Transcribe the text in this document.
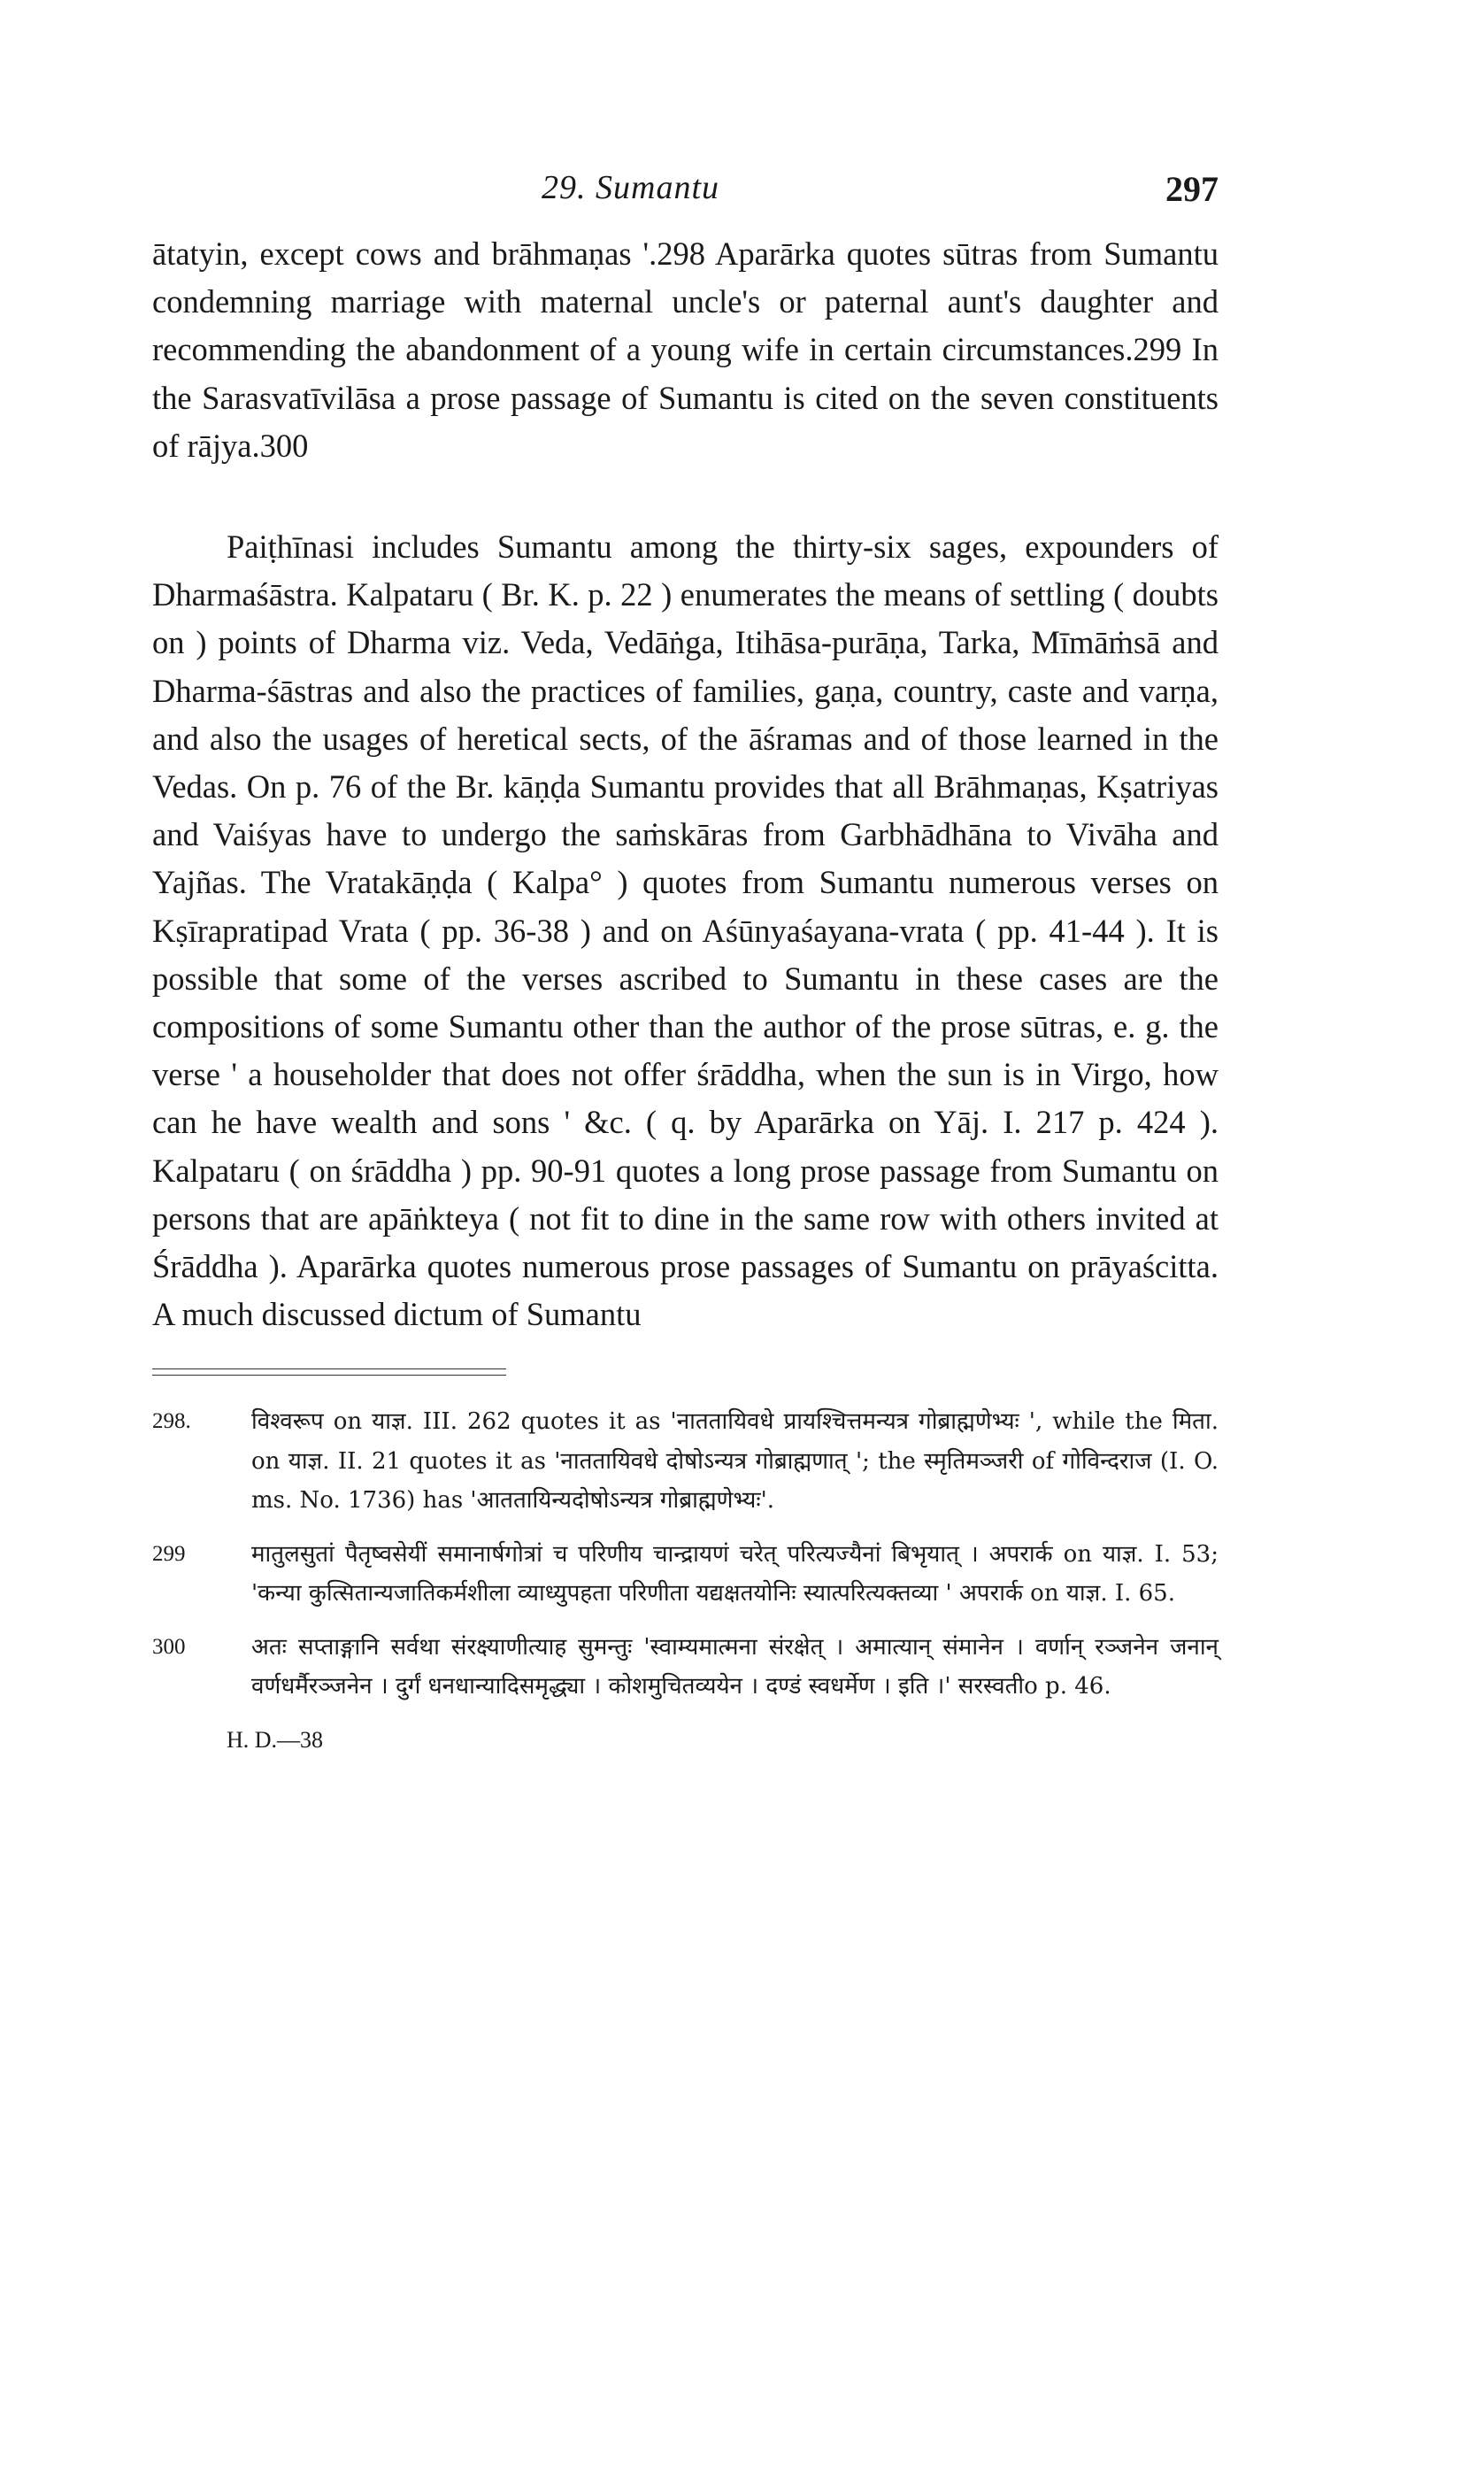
29. Sumantu	297

ātatyin, except cows and brāhmaṇas '.298 Aparārka quotes sūtras from Sumantu condemning marriage with maternal uncle's or paternal aunt's daughter and recommending the abandonment of a young wife in certain circumstances.299 In the Sarasvatīvilāsa a prose passage of Sumantu is cited on the seven constituents of rājya.300

Paiṭhīnasi includes Sumantu among the thirty-six sages, expounders of Dharmaśāstra. Kalpataru ( Br. K. p. 22 ) enumerates the means of settling ( doubts on ) points of Dharma viz. Veda, Vedāṅga, Itihāsa-purāṇa, Tarka, Mīmāṁsā and Dharma-śāstras and also the practices of families, gaṇa, country, caste and varṇa, and also the usages of heretical sects, of the āśramas and of those learned in the Vedas. On p. 76 of the Br. kāṇḍa Sumantu provides that all Brāhmaṇas, Kṣatriyas and Vaiśyas have to undergo the saṁskāras from Garbhādhāna to Vivāha and Yajñas. The Vratakāṇḍa ( Kalpa° ) quotes from Sumantu numerous verses on Kṣīrapratipad Vrata ( pp. 36-38 ) and on Aśūnyaśayana-vrata ( pp. 41-44 ). It is possible that some of the verses ascribed to Sumantu in these cases are the compositions of some Sumantu other than the author of the prose sūtras, e. g. the verse ' a householder that does not offer śrāddha, when the sun is in Virgo, how can he have wealth and sons ' &c. ( q. by Aparārka on Yāj. I. 217 p. 424 ). Kalpataru ( on śrāddha ) pp. 90-91 quotes a long prose passage from Sumantu on persons that are apāṅkteya ( not fit to dine in the same row with others invited at Śrāddha ). Aparārka quotes numerous prose passages of Sumantu on prāyaścitta. A much discussed dictum of Sumantu

298.	विश्वरूप on याज्ञ. III. 262 quotes it as 'नाततायिवधे प्रायश्चित्तमन्यत्र गोब्राह्मणेभ्यः ', while the मिता. on याज्ञ. II. 21 quotes it as 'नाततायिवधे दोषोऽन्यत्र गोब्राह्मणात् '; the स्मृतिमञ्जरी of गोविन्दराज (I. O. ms. No. 1736) has 'आततायिन्यदोषोऽन्यत्र गोब्राह्मणेभ्यः'.
299	मातुलसुतां पैतृष्वसेयीं समानार्षगोत्रां च परिणीय चान्द्रायणं चरेत् परित्यज्यैनां बिभृयात् । अपरार्क on याज्ञ. I. 53; 'कन्या कुत्सितान्यजातिकर्मशीला व्याध्युपहता परिणीता यद्यक्षतयोनिः स्यात्परित्यक्तव्या ' अपरार्क on याज्ञ. I. 65.
300	अतः सप्ताङ्गानि सर्वथा संरक्ष्याणीत्याह सुमन्तुः 'स्वाम्यमात्मना संरक्षेत् । अमात्यान् संमानेन । वर्णान् रञ्जनेन जनान् वर्णधर्मैरञ्जनेन । दुर्गं धनधान्यादिसमृद्ध्या । कोशमुचितव्ययेन । दण्डं स्वधर्मेण । इति ।' सरस्वतीo p. 46.
H. D.—38
